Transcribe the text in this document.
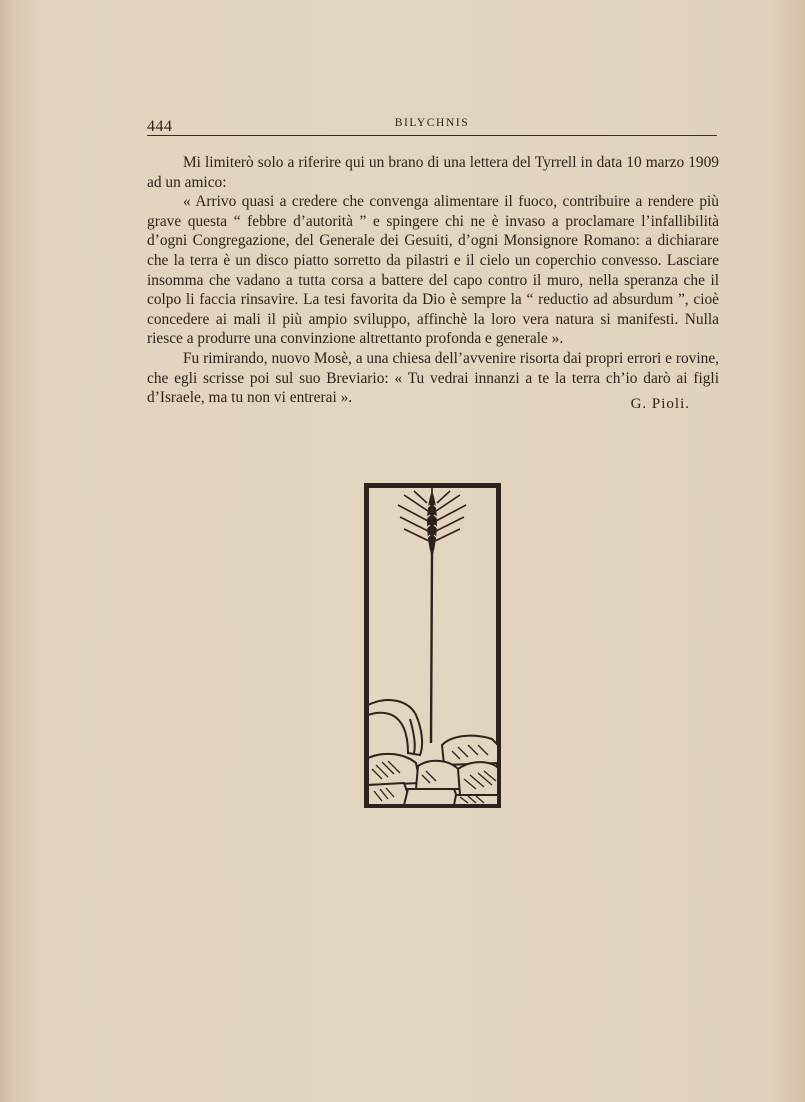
444	BILYCHNIS

Mi limiterò solo a riferire qui un brano di una lettera del Tyrrell in data 10 marzo 1909 ad un amico:

« Arrivo quasi a credere che convenga alimentare il fuoco, contribuire a rendere più grave questa “ febbre d’autorità ” e spingere chi ne è invaso a proclamare l’infallibilità d’ogni Congregazione, del Generale dei Gesuiti, d’ogni Monsignore Romano: a dichiarare che la terra è un disco piatto sorretto da pilastri e il cielo un coperchio convesso. Lasciare insomma che vadano a tutta corsa a battere del capo contro il muro, nella speranza che il colpo li faccia rinsavire. La tesi favorita da Dio è sempre la “ reductio ad absurdum ”, cioè concedere ai mali il più ampio sviluppo, affinchè la loro vera natura si manifesti. Nulla riesce a produrre una convinzione altrettanto profonda e generale ».

Fu rimirando, nuovo Mosè, a una chiesa dell’avvenire risorta dai propri errori e rovine, che egli scrisse poi sul suo Breviario: « Tu vedrai innanzi a te la terra ch’io darò ai figli d’Israele, ma tu non vi entrerai ».	G. Pioli.
